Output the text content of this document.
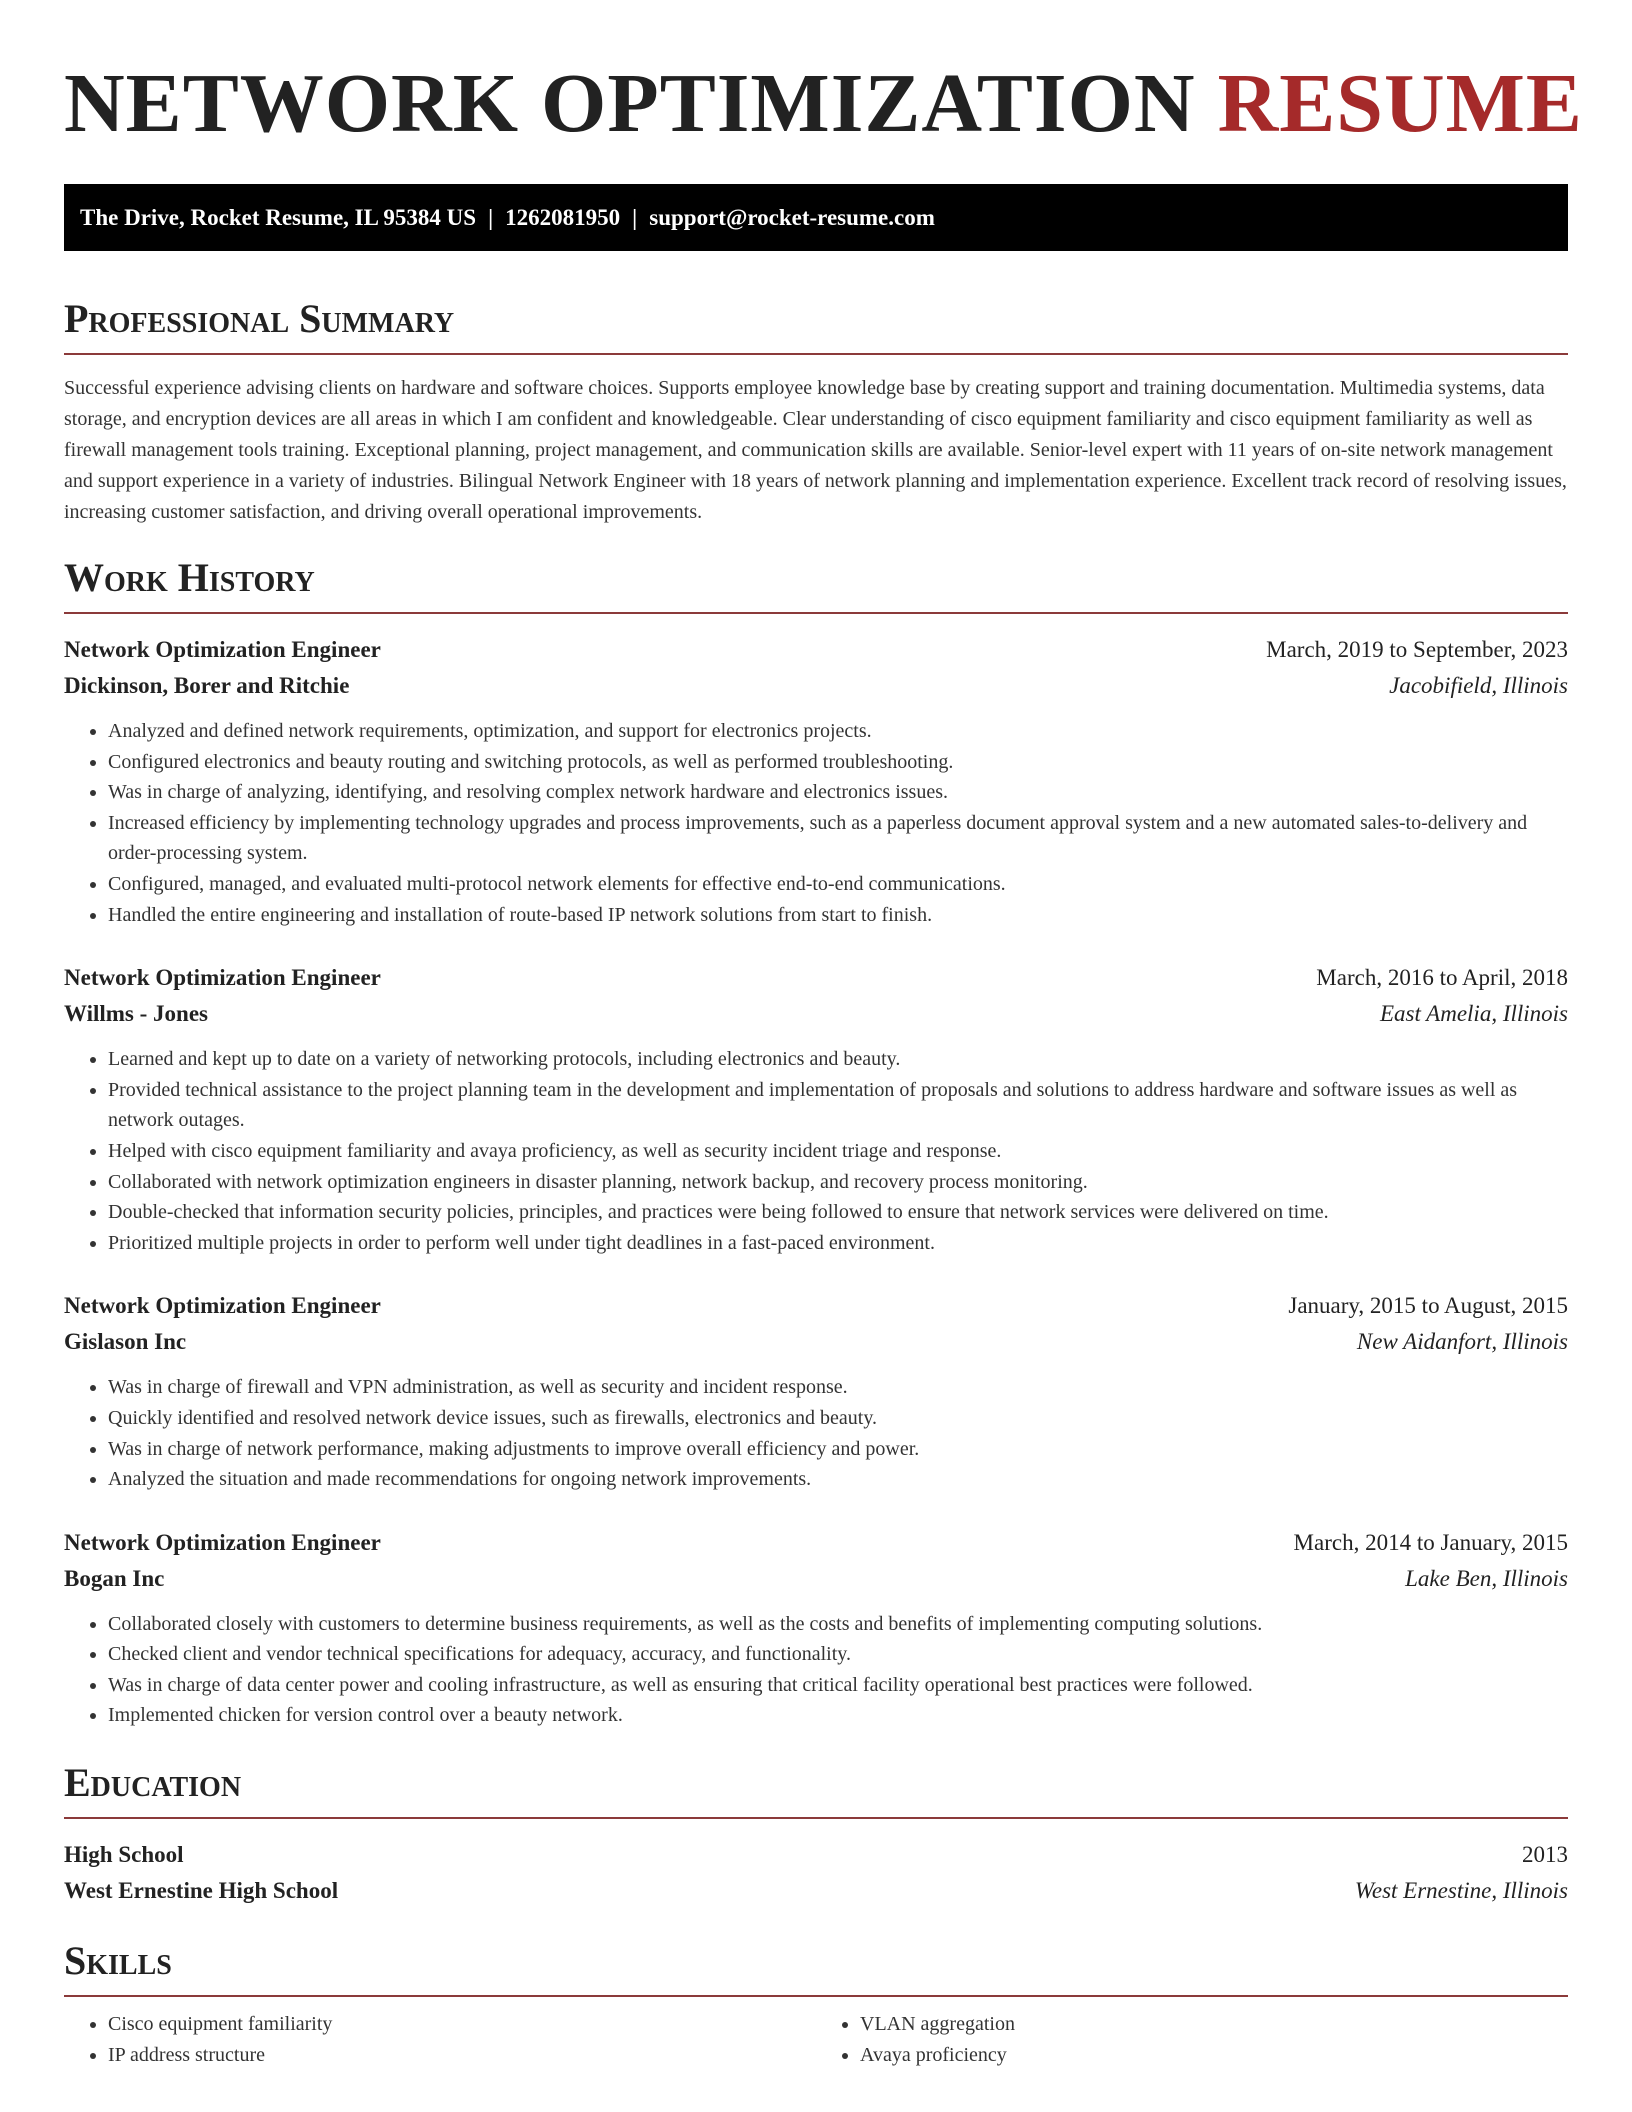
NETWORK OPTIMIZATION RESUME
The Drive, Rocket Resume, IL 95384 US | 1262081950 | support@rocket-resume.com
Professional Summary

Successful experience advising clients on hardware and software choices. Supports employee knowledge base by creating support and training documentation. Multimedia systems, data storage, and encryption devices are all areas in which I am confident and knowledgeable. Clear understanding of cisco equipment familiarity and cisco equipment familiarity as well as firewall management tools training. Exceptional planning, project management, and communication skills are available. Senior-level expert with 11 years of on-site network management and support experience in a variety of industries. Bilingual Network Engineer with 18 years of network planning and implementation experience. Excellent track record of resolving issues, increasing customer satisfaction, and driving overall operational improvements.

Work History
Network Optimization Engineer	March, 2019 to September, 2023
Dickinson, Borer and Ritchie	Jacobifield, Illinois
• Analyzed and defined network requirements, optimization, and support for electronics projects.
• Configured electronics and beauty routing and switching protocols, as well as performed troubleshooting.
• Was in charge of analyzing, identifying, and resolving complex network hardware and electronics issues.
• Increased efficiency by implementing technology upgrades and process improvements, such as a paperless document approval system and a new automated sales-to-delivery and order-processing system.
• Configured, managed, and evaluated multi-protocol network elements for effective end-to-end communications.
• Handled the entire engineering and installation of route-based IP network solutions from start to finish.
Network Optimization Engineer	March, 2016 to April, 2018
Willms - Jones	East Amelia, Illinois
• Learned and kept up to date on a variety of networking protocols, including electronics and beauty.
• Provided technical assistance to the project planning team in the development and implementation of proposals and solutions to address hardware and software issues as well as network outages.
• Helped with cisco equipment familiarity and avaya proficiency, as well as security incident triage and response.
• Collaborated with network optimization engineers in disaster planning, network backup, and recovery process monitoring.
• Double-checked that information security policies, principles, and practices were being followed to ensure that network services were delivered on time.
• Prioritized multiple projects in order to perform well under tight deadlines in a fast-paced environment.
Network Optimization Engineer	January, 2015 to August, 2015
Gislason Inc	New Aidanfort, Illinois
• Was in charge of firewall and VPN administration, as well as security and incident response.
• Quickly identified and resolved network device issues, such as firewalls, electronics and beauty.
• Was in charge of network performance, making adjustments to improve overall efficiency and power.
• Analyzed the situation and made recommendations for ongoing network improvements.
Network Optimization Engineer	March, 2014 to January, 2015
Bogan Inc	Lake Ben, Illinois
• Collaborated closely with customers to determine business requirements, as well as the costs and benefits of implementing computing solutions.
• Checked client and vendor technical specifications for adequacy, accuracy, and functionality.
• Was in charge of data center power and cooling infrastructure, as well as ensuring that critical facility operational best practices were followed.
• Implemented chicken for version control over a beauty network.
Education
High School	2013
West Ernestine High School	West Ernestine, Illinois
Skills
• Cisco equipment familiarity
• IP address structure
• VLAN aggregation
• Avaya proficiency
